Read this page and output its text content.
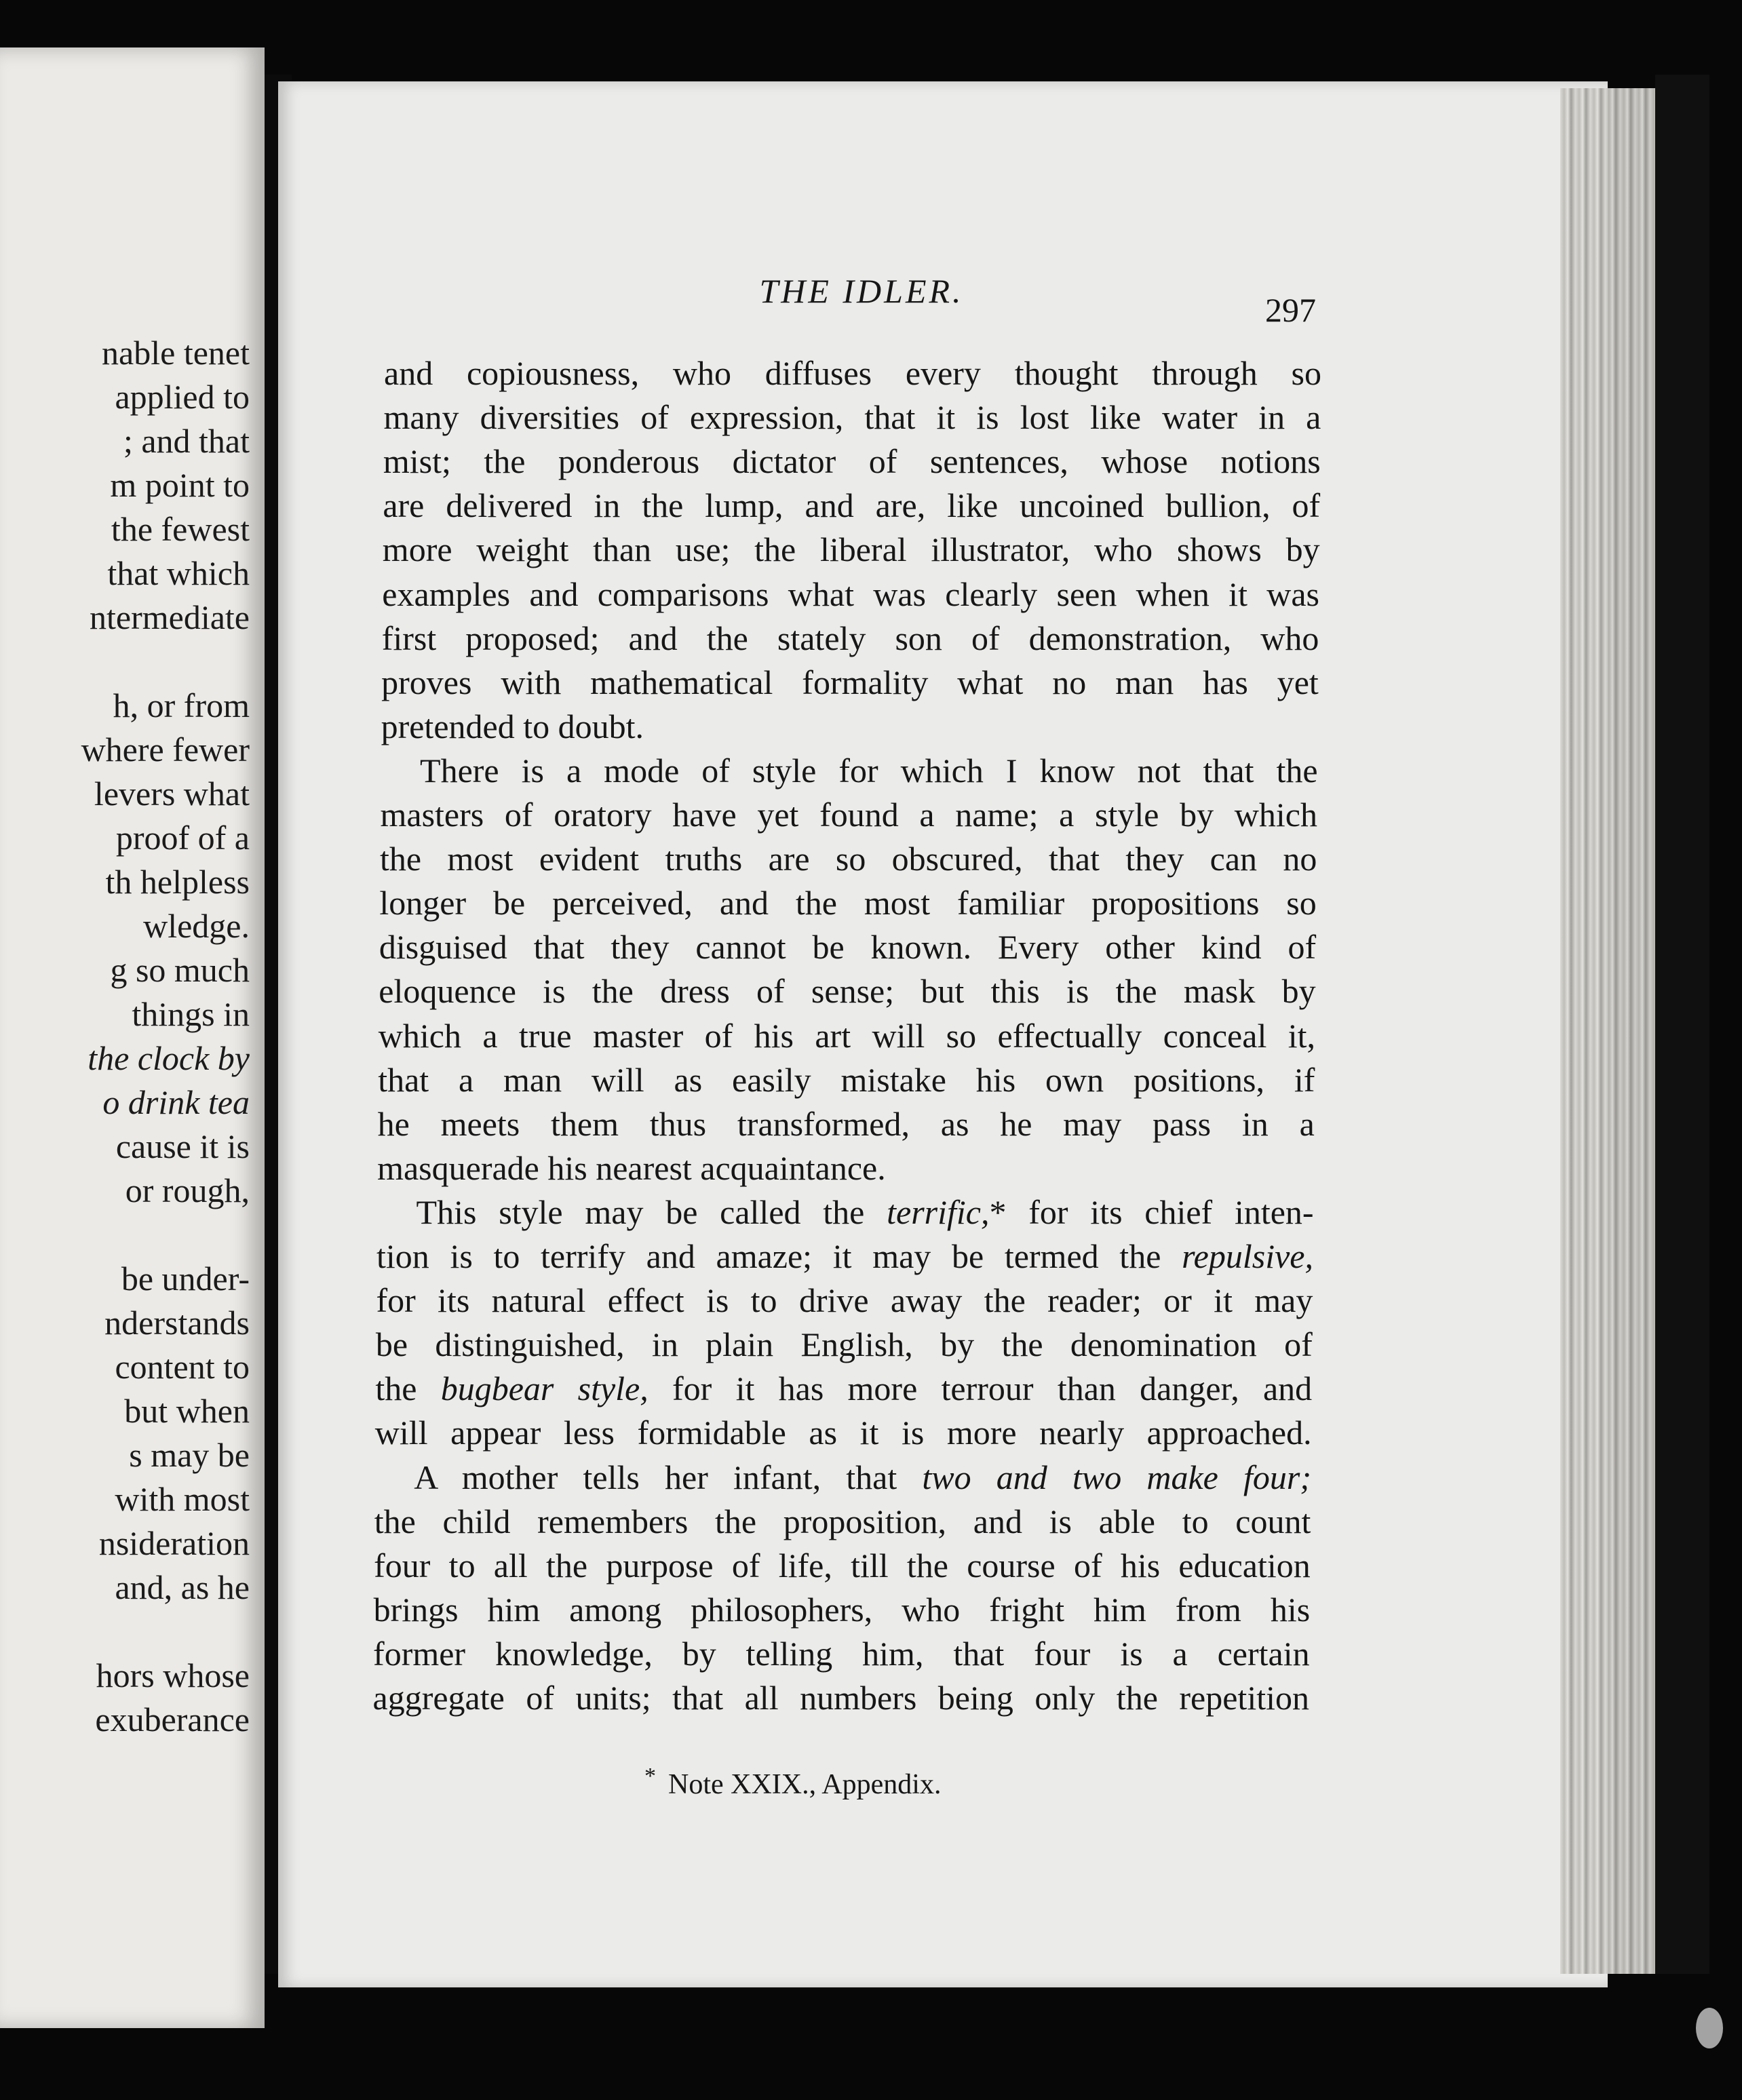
nable tenet
applied to
; and that
m point to
the fewest
that which
ntermediate
h, or from
where fewer
levers what
proof of a
th helpless
wledge.
g so much
things in
the clock by
o drink tea
cause it is
or rough,
be under-
nderstands
content to
but when
s may be
with most
nsideration
and, as he
hors whose
exuberance
THE IDLER.	297
and copiousness, who diffuses every thought through so
many diversities of expression, that it is lost like water in a
mist; the ponderous dictator of sentences, whose notions
are delivered in the lump, and are, like uncoined bullion, of
more weight than use; the liberal illustrator, who shows by
examples and comparisons what was clearly seen when it was
first proposed; and the stately son of demonstration, who
proves with mathematical formality what no man has yet
pretended to doubt.
There is a mode of style for which I know not that the
masters of oratory have yet found a name; a style by which
the most evident truths are so obscured, that they can no
longer be perceived, and the most familiar propositions so
disguised that they cannot be known. Every other kind of
eloquence is the dress of sense; but this is the mask by
which a true master of his art will so effectually conceal it,
that a man will as easily mistake his own positions, if
he meets them thus transformed, as he may pass in a
masquerade his nearest acquaintance.
This style may be called the terrific,* for its chief inten-
tion is to terrify and amaze; it may be termed the repulsive,
for its natural effect is to drive away the reader; or it may
be distinguished, in plain English, by the denomination of
the bugbear style, for it has more terrour than danger, and
will appear less formidable as it is more nearly approached.
A mother tells her infant, that two and two make four;
the child remembers the proposition, and is able to count
four to all the purpose of life, till the course of his education
brings him among philosophers, who fright him from his
former knowledge, by telling him, that four is a certain
aggregate of units; that all numbers being only the repetition
* Note XXIX., Appendix.
